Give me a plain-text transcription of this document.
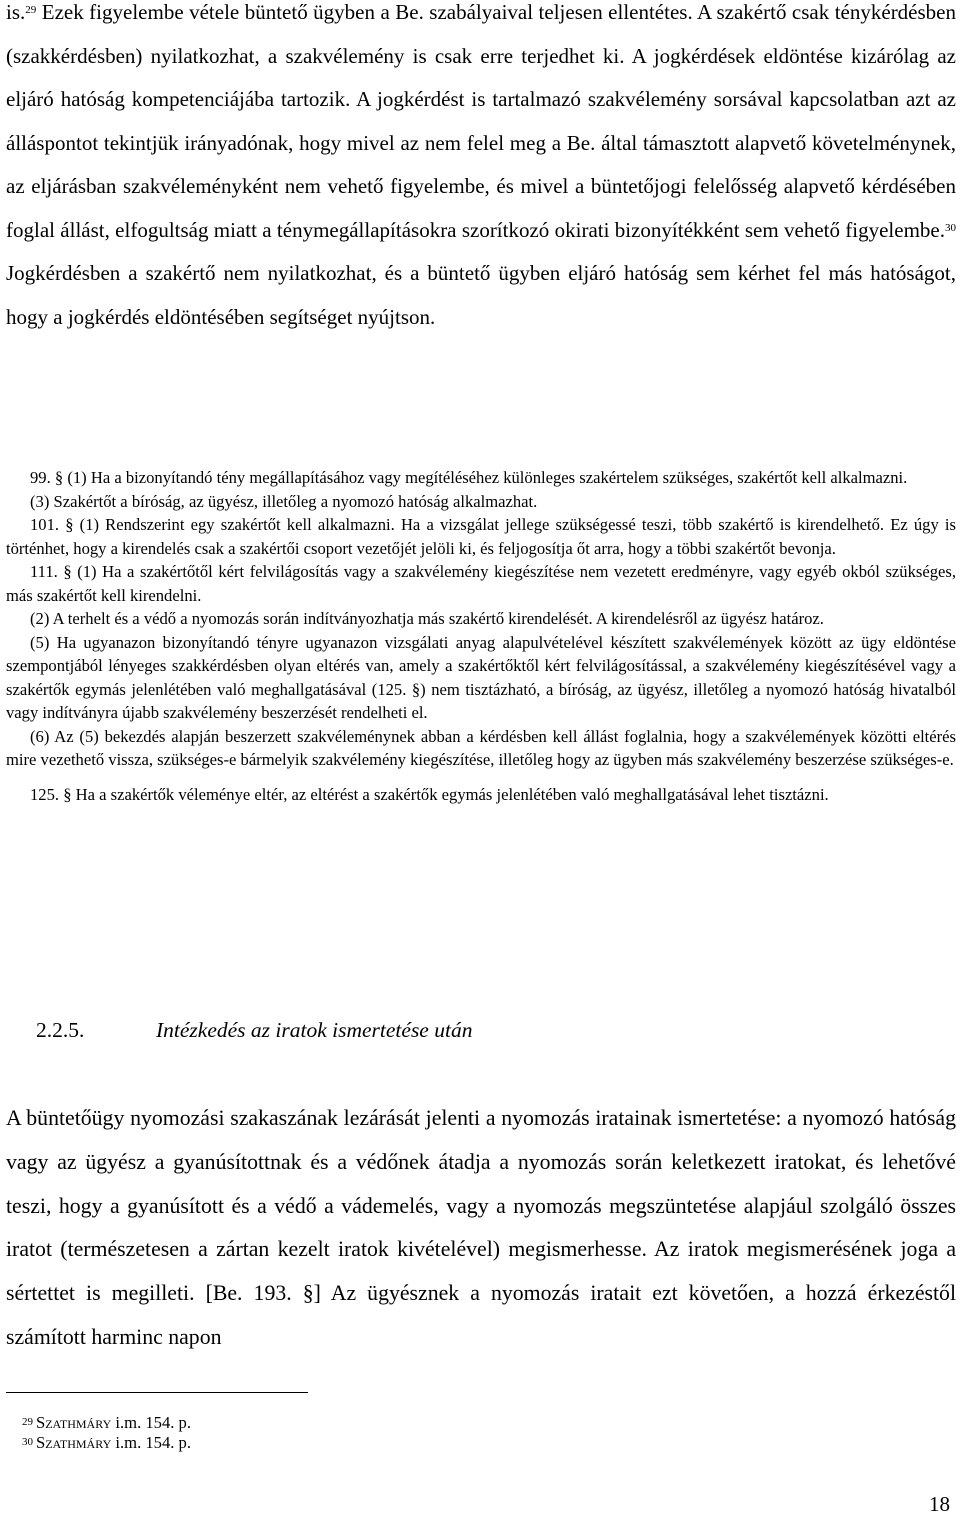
is.$^{29}$ Ezek figyelembe vétele büntető ügyben a Be. szabályaival teljesen ellentétes. A szakértő csak ténykérdésben (szakkérdésben) nyilatkozhat, a szakvélemény is csak erre terjedhet ki. A jogkérdések eldöntése kizárólag az eljáró hatóság kompetenciájába tartozik. A jogkérdést is tartalmazó szakvélemény sorsával kapcsolatban azt az álláspontot tekintjük irányadónak, hogy mivel az nem felel meg a Be. által támasztott alapvető követelménynek, az eljárásban szakvéleményként nem vehető figyelembe, és mivel a büntetőjogi felelősség alapvető kérdésében foglal állást, elfogultság miatt a ténymegállapításokra szorítkozó okirati bizonyítékként sem vehető figyelembe.$^{30}$ Jogkérdésben a szakértő nem nyilatkozhat, és a büntető ügyben eljáró hatóság sem kérhet fel más hatóságot, hogy a jogkérdés eldöntésében segítséget nyújtson.

99. § (1) Ha a bizonyítandó tény megállapításához vagy megítéléséhez különleges szakértelem szükséges, szakértőt kell alkalmazni.

(3) Szakértőt a bíróság, az ügyész, illetőleg a nyomozó hatóság alkalmazhat.

101. § (1) Rendszerint egy szakértőt kell alkalmazni. Ha a vizsgálat jellege szükségessé teszi, több szakértő is kirendelhető. Ez úgy is történhet, hogy a kirendelés csak a szakértői csoport vezetőjét jelöli ki, és feljogosítja őt arra, hogy a többi szakértőt bevonja.

111. § (1) Ha a szakértőtől kért felvilágosítás vagy a szakvélemény kiegészítése nem vezetett eredményre, vagy egyéb okból szükséges, más szakértőt kell kirendelni.

(2) A terhelt és a védő a nyomozás során indítványozhatja más szakértő kirendelését. A kirendelésről az ügyész határoz.

(5) Ha ugyanazon bizonyítandó tényre ugyanazon vizsgálati anyag alapulvételével készített szakvélemények között az ügy eldöntése szempontjából lényeges szakkérdésben olyan eltérés van, amely a szakértőktől kért felvilágosítással, a szakvélemény kiegészítésével vagy a szakértők egymás jelenlétében való meghallgatásával (125. §) nem tisztázható, a bíróság, az ügyész, illetőleg a nyomozó hatóság hivatalból vagy indítványra újabb szakvélemény beszerzését rendelheti el.

(6) Az (5) bekezdés alapján beszerzett szakvéleménynek abban a kérdésben kell állást foglalnia, hogy a szakvélemények közötti eltérés mire vezethető vissza, szükséges-e bármelyik szakvélemény kiegészítése, illetőleg hogy az ügyben más szakvélemény beszerzése szükséges-e.

125. § Ha a szakértők véleménye eltér, az eltérést a szakértők egymás jelenlétében való meghallgatásával lehet tisztázni.

2.2.5.	Intézkedés az iratok ismertetése után

A büntetőügy nyomozási szakaszának lezárását jelenti a nyomozás iratainak ismertetése: a nyomozó hatóság vagy az ügyész a gyanúsítottnak és a védőnek átadja a nyomozás során keletkezett iratokat, és lehetővé teszi, hogy a gyanúsított és a védő a vádemelés, vagy a nyomozás megszüntetése alapjául szolgáló összes iratot (természetesen a zártan kezelt iratok kivételével) megismerhesse. Az iratok megismerésének joga a sértettet is megilleti. [Be. 193. §] Az ügyésznek a nyomozás iratait ezt követően, a hozzá érkezéstől számított harminc napon

$^{29}$ Szathmáry i.m. 154. p.
$^{30}$ Szathmáry i.m. 154. p.
18
